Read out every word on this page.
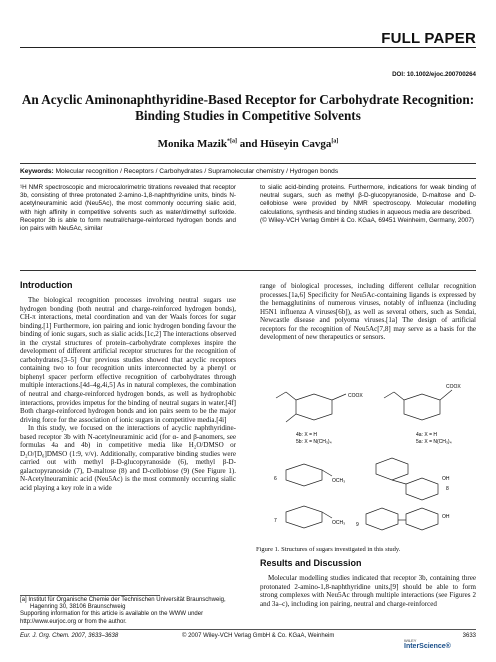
FULL PAPER
DOI: 10.1002/ejoc.200700264
An Acyclic Aminonaphthyridine-Based Receptor for Carbohydrate Recognition: Binding Studies in Competitive Solvents
Monika Mazik$^{*[a]}$ and Hüseyin Cavga[a]
Keywords: Molecular recognition / Receptors / Carbohydrates / Supramolecular chemistry / Hydrogen bonds
¹H NMR spectroscopic and microcalorimetric titrations revealed that receptor 3b, consisting of three protonated 2-amino-1,8-naphthyridine units, binds N-acetylneuraminic acid (Neu5Ac), the most commonly occurring sialic acid, with high affinity in competitive solvents such as water/dimethyl sulfoxide. Receptor 3b is able to form neutral/charge-reinforced hydrogen bonds and ion pairs with Neu5Ac, similar
to sialic acid-binding proteins. Furthermore, indications for weak binding of neutral sugars, such as methyl β-D-glucopyranoside, D-maltose and D-cellobiose were provided by NMR spectroscopy. Molecular modelling calculations, synthesis and binding studies in aqueous media are described.
(© Wiley-VCH Verlag GmbH & Co. KGaA, 69451 Weinheim, Germany, 2007)
Introduction

The biological recognition processes involving neutral sugars use hydrogen bonding (both neutral and charge-reinforced hydrogen bonds), CH-π interactions, metal coordination and van der Waals forces for sugar binding.[1] Furthermore, ion pairing and ionic hydrogen bonding favour the binding of ionic sugars, such as sialic acids.[1c,2] The interactions observed in the crystal structures of protein–carbohydrate complexes inspire the development of different artificial receptor structures for the recognition of carbohydrates.[3–5] Our previous studies showed that acyclic receptors containing two to four recognition units interconnected by a phenyl or biphenyl spacer perform effective recognition of carbohydrates through multiple interactions.[4d–4g,4i,5] As in natural complexes, the combination of neutral and charge-reinforced hydrogen bonds, as well as hydrophobic interactions, provides impetus for the binding of neutral sugars in water.[4f] Both charge-reinforced hydrogen bonds and ion pairs seem to be the major driving force for the association of ionic sugars in competitive media.[4i]

In this study, we focused on the interactions of acyclic naphthyridine-based receptor 3b with N-acetylneuraminic acid (for α- and β-anomers, see formulas 4a and 4b) in competitive media like H₂O/DMSO or D₂O/[D₆]DMSO (1:9, v/v). Additionally, comparative binding studies were carried out with methyl β-D-glucopyranoside (6), methyl β-D-galactopyranoside (7), D-maltose (8) and D-cellobiose (9) (See Figure 1). N-Acetylneuraminic acid (Neu5Ac) is the most commonly occurring sialic acid playing a key role in a wide

range of biological processes, including different cellular recognition processes.[1a,6] Specificity for Neu5Ac-containing ligands is expressed by the hemagglutinins of numerous viruses, notably of influenza (including H5N1 influenza A viruses[6b]), as well as several others, such as Sendai, Newcastle disease and polyoma viruses.[1a] The design of artificial receptors for the recognition of Neu5Ac[7,8] may serve as a basis for the development of new therapeutics or sensors.

COOX
4b: X = H
5b: X = N(CH₃)₄
COOX
4a: X = H
5a: X = N(CH₃)₄
6	OCH₃
8
OH
7	OCH₃ 9
OH
Figure 1. Structures of sugars investigated in this study.
Results and Discussion

Molecular modelling studies indicated that receptor 3b, containing three protonated 2-amino-1,8-naphthyridine units,[9] should be able to form strong complexes with Neu5Ac through multiple interactions (see Figures 2 and 3a–c), including ion pairing, neutral and charge-reinforced

[a] Institut für Organische Chemie der Technischen Universität Braunschweig,
Hagenring 30, 38106 Braunschweig
Supporting information for this article is available on the WWW under http://www.eurjoc.org or from the author.
Eur. J. Org. Chem. 2007, 3633–3638	© 2007 Wiley-VCH Verlag GmbH & Co. KGaA, Weinheim
WILEY
InterScience®
3633
